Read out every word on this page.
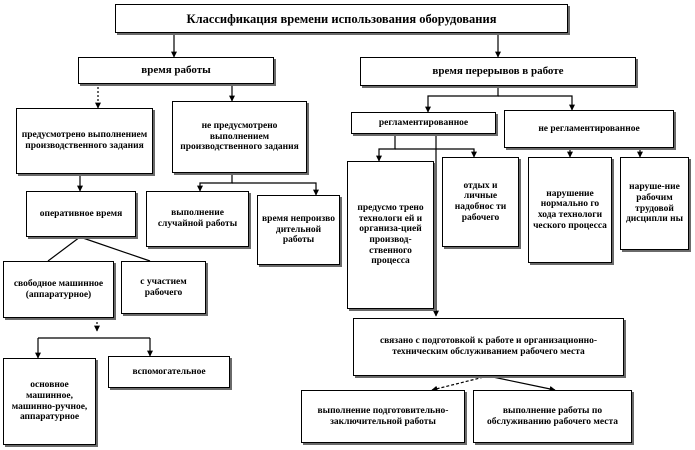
Классификация времени использования оборудования
время работы	время перерывов в работе
предусмотрено выполнением производственного задания
не предусмотрено выполнением производственного задания
регламентированное
не регламентированное
оперативное время	выполнение случайной работы	время непроизво дительной работы
предусмо трено технологи ей и организа-цией производ-ственного процесса
отдых и личные надобнос ти рабочего
нарушение нормально го хода технологи ческого процесса
наруше-ние рабочим трудовой дисципли ны
свободное машинное (аппаратурное)
с участием рабочего
связано с подготовкой к работе и организационно-техническим обслуживанием рабочего места
основное машинное, машинно-ручное, аппаратурное
вспомогательное
выполнение подготовительно-заключительной работы
выполнение работы по обслуживанию рабочего места
